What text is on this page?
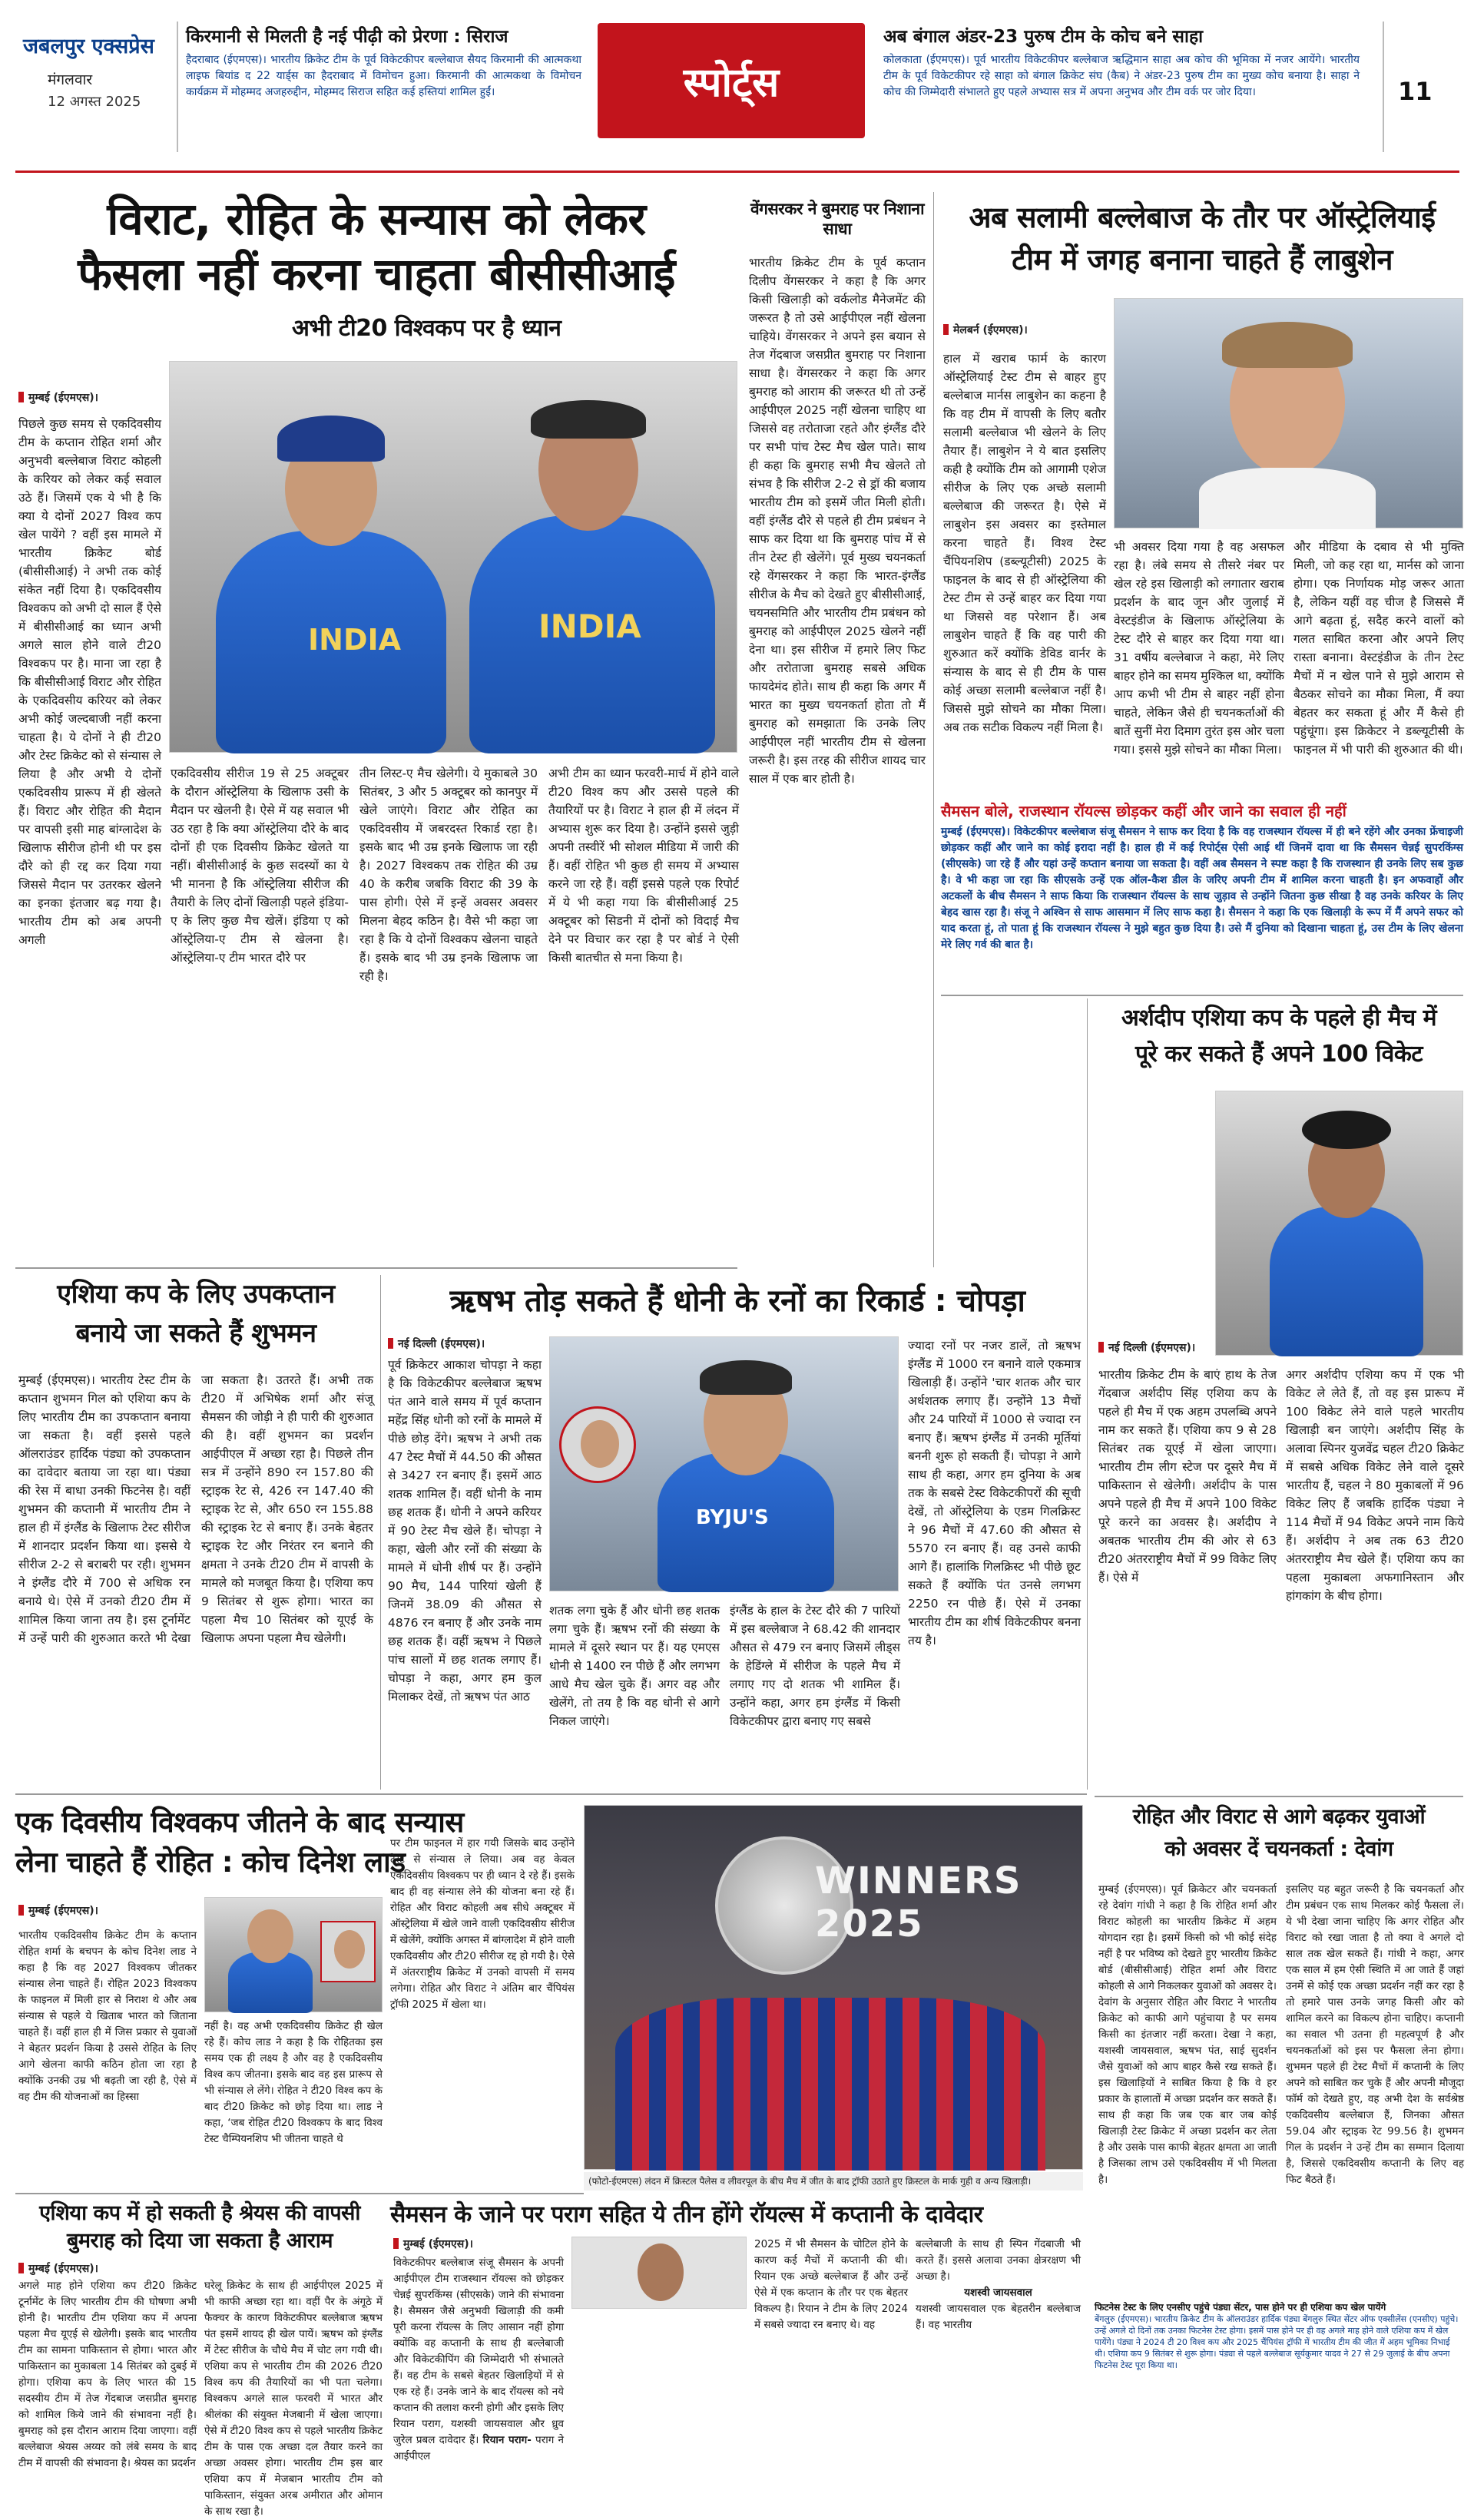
जबलपुर एक्सप्रेस
मंगलवार
12 अगस्त 2025
किरमानी से मिलती है नई पीढ़ी को प्रेरणा : सिराज
हैदराबाद (ईएमएस)। भारतीय क्रिकेट टीम के पूर्व विकेटकीपर बल्लेबाज सैयद किरमानी की आत्मकथा लाइफ बियांड द 22 यार्ड्स का हैदराबाद में विमोचन हुआ। किरमानी की आत्मकथा के विमोचन कार्यक्रम में मोहम्मद अजहरुद्दीन, मोहम्मद सिराज सहित कई हस्तियां शामिल हुईं।	स्पोर्ट्स
अब बंगाल अंडर-23 पुरुष टीम के कोच बने साहा
कोलकाता (ईएमएस)। पूर्व भारतीय विकेटकीपर बल्लेबाज ऋद्धिमान साहा अब कोच की भूमिका में नजर आयेंगे। भारतीय टीम के पूर्व विकेटकीपर रहे साहा को बंगाल क्रिकेट संघ (कैब) ने अंडर-23 पुरुष टीम का मुख्य कोच बनाया है। साहा ने कोच की जिम्मेदारी संभालते हुए पहले अभ्यास सत्र में अपना अनुभव और टीम वर्क पर जोर दिया।	11
विराट, रोहित के सन्यास को लेकर
फैसला नहीं करना चाहता बीसीसीआई
अभी टी20 विश्वकप पर है ध्यान
मुम्बई (ईएमएस)।
INDIA	INDIA
पिछले कुछ समय से एकदिवसीय टीम के कप्तान रोहित शर्मा और अनुभवी बल्लेबाज विराट कोहली के करियर को लेकर कई सवाल उठे हैं। जिसमें एक ये भी है कि क्या ये दोनों 2027 विश्व कप खेल पायेंगे ? वहीं इस मामले में भारतीय क्रिकेट बोर्ड (बीसीसीआई) ने अभी तक कोई संकेत नहीं दिया है। एकदिवसीय विश्वकप को अभी दो साल हैं ऐसे में बीसीसीआई का ध्यान अभी अगले साल होने वाले टी20 विश्वकप पर है। माना जा रहा है कि बीसीसीआई विराट और रोहित के एकदिवसीय करियर को लेकर अभी कोई जल्दबाजी नहीं करना चाहता है। ये दोनों ने ही टी20 और टेस्ट क्रिकेट को से संन्यास ले लिया है और अभी ये दोनों एकदिवसीय प्रारूप में ही खेलते हैं। विराट और रोहित की मैदान पर वापसी इसी माह बांग्लादेश के खिलाफ सीरीज होनी थी पर इस दौरे को ही रद्द कर दिया गया जिससे मैदान पर उतरकर खेलने का इनका इंतजार बढ़ गया है। भारतीय टीम को अब अपनी अगली
एकदिवसीय सीरीज 19 से 25 अक्टूबर के दौरान ऑस्ट्रेलिया के खिलाफ उसी के मैदान पर खेलनी है। ऐसे में यह सवाल भी उठ रहा है कि क्या ऑस्ट्रेलिया दौरे के बाद दोनों ही एक दिवसीय क्रिकेट खेलते या नहीं। बीसीसीआई के कुछ सदस्यों का ये भी मानना है कि ऑस्ट्रेलिया सीरीज की तैयारी के लिए दोनों खिलाड़ी पहले इंडिया-ए के लिए कुछ मैच खेलें। इंडिया ए को ऑस्ट्रेलिया-ए टीम से खेलना है। ऑस्ट्रेलिया-ए टीम भारत दौरे पर
तीन लिस्ट-ए मैच खेलेगी। ये मुकाबले 30 सितंबर, 3 और 5 अक्टूबर को कानपुर में खेले जाएंगे। विराट और रोहित का एकदिवसीय में जबरदस्त रिकार्ड रहा है। इसके बाद भी उम्र इनके खिलाफ जा रही है। 2027 विश्वकप तक रोहित की उम्र 40 के करीब जबकि विराट की 39 के पास होगी। ऐसे में इन्हें अवसर अवसर मिलना बेहद कठिन है। वैसे भी कहा जा रहा है कि ये दोनों विश्वकप खेलना चाहते हैं। इसके बाद भी उम्र इनके खिलाफ जा रही है।
अभी टीम का ध्यान फरवरी-मार्च में होने वाले टी20 विश्व कप और उससे पहले की तैयारियों पर है। विराट ने हाल ही में लंदन में अभ्यास शुरू कर दिया है। उन्होंने इससे जुड़ी अपनी तस्वीरें भी सोशल मीडिया में जारी की हैं। वहीं रोहित भी कुछ ही समय में अभ्यास करने जा रहे हैं। वहीं इससे पहले एक रिपोर्ट में ये भी कहा गया कि बीसीसीआई 25 अक्टूबर को सिडनी में दोनों को विदाई मैच देने पर विचार कर रहा है पर बोर्ड ने ऐसी किसी बातचीत से मना किया है।
वेंगसरकर ने बुमराह पर निशाना साधा
भारतीय क्रिकेट टीम के पूर्व कप्तान दिलीप वेंगसरकर ने कहा है कि अगर किसी खिलाड़ी को वर्कलोड मैनेजमेंट की जरूरत है तो उसे आईपीएल नहीं खेलना चाहिये। वेंगसरकर ने अपने इस बयान से तेज गेंदबाज जसप्रीत बुमराह पर निशाना साधा है। वेंगसरकर ने कहा कि अगर बुमराह को आराम की जरूरत थी तो उन्हें आईपीएल 2025 नहीं खेलना चाहिए था जिससे वह तरोताजा रहते और इंग्लैंड दौरे पर सभी पांच टेस्ट मैच खेल पाते। साथ ही कहा कि बुमराह सभी मैच खेलते तो संभव है कि सीरीज 2-2 से ड्रॉ की बजाय भारतीय टीम को इसमें जीत मिली होती। वहीं इंग्लैंड दौरे से पहले ही टीम प्रबंधन ने साफ कर दिया था कि बुमराह पांच में से तीन टेस्ट ही खेलेंगे। पूर्व मुख्य चयनकर्ता रहे वेंगसरकर ने कहा कि भारत-इंग्लैंड सीरीज के मैच को देखते हुए बीसीसीआई, चयनसमिति और भारतीय टीम प्रबंधन को बुमराह को आईपीएल 2025 खेलने नहीं देना था। इस सीरीज में हमारे लिए फिट और तरोताजा बुमराह सबसे अधिक फायदेमंद होते। साथ ही कहा कि अगर मैं भारत का मुख्य चयनकर्ता होता तो मैं बुमराह को समझाता कि उनके लिए आईपीएल नहीं भारतीय टीम से खेलना जरूरी है। इस तरह की सीरीज शायद चार साल में एक बार होती है।
अब सलामी बल्लेबाज के तौर पर ऑस्ट्रेलियाई
टीम में जगह बनाना चाहते हैं लाबुशेन
मेलबर्न (ईएमएस)।
हाल में खराब फार्म के कारण ऑस्ट्रेलियाई टेस्ट टीम से बाहर हुए बल्लेबाज मार्नस लाबुशेन का कहना है कि वह टीम में वापसी के लिए बतौर सलामी बल्लेबाज भी खेलने के लिए तैयार हैं। लाबुशेन ने ये बात इसलिए कही है क्योंकि टीम को आगामी एशेज सीरीज के लिए एक अच्छे सलामी बल्लेबाज की जरूरत है। ऐसे में लाबुशेन इस अवसर का इस्तेमाल करना चाहते हैं। विश्व टेस्ट चैंपियनशिप (डब्ल्यूटीसी) 2025 के फाइनल के बाद से ही ऑस्ट्रेलिया की टेस्ट टीम से उन्हें बाहर कर दिया गया था जिससे वह परेशान हैं। अब लाबुशेन चाहते हैं कि वह पारी की शुरुआत करें क्योंकि डेविड वार्नर के संन्यास के बाद से ही टीम के पास कोई अच्छा सलामी बल्लेबाज नहीं है। जिससे मुझे सोचने का मौका मिला। अब तक सटीक विकल्प नहीं मिला है।
भी अवसर दिया गया है वह असफल रहा है। लंबे समय से तीसरे नंबर पर खेल रहे इस खिलाड़ी को लगातार खराब प्रदर्शन के बाद जून और जुलाई में वेस्टइंडीज के खिलाफ ऑस्ट्रेलिया के टेस्ट दौरे से बाहर कर दिया गया था। 31 वर्षीय बल्लेबाज ने कहा, मेरे लिए बाहर होने का समय मुश्किल था, क्योंकि आप कभी भी टीम से बाहर नहीं होना चाहते, लेकिन जैसे ही चयनकर्ताओं की बातें सुनीं मेरा दिमाग तुरंत इस ओर चला गया। इससे मुझे सोचने का मौका मिला।
और मीडिया के दबाव से भी मुक्ति मिली, जो कह रहा था, मार्नस को जाना होगा। एक निर्णायक मोड़ जरूर आता है, लेकिन यहीं वह चीज है जिससे मैं आगे बढ़ता हूं, सदैह करने वालों को गलत साबित करना और अपने लिए रास्ता बनाना। वेस्टइंडीज के तीन टेस्ट मैचों में न खेल पाने से मुझे आराम से बैठकर सोचने का मौका मिला, मैं क्या बेहतर कर सकता हूं और मैं कैसे ही पहुंचूंगा। इस क्रिकेटर ने डब्ल्यूटीसी के फाइनल में भी पारी की शुरुआत की थी।
सैमसन बोले, राजस्थान रॉयल्स छोड़कर कहीं और जाने का सवाल ही नहीं
मुम्बई (ईएमएस)। विकेटकीपर बल्लेबाज संजू सैमसन ने साफ कर दिया है कि वह राजस्थान रॉयल्स में ही बने रहेंगे और उनका फ्रेंचाइजी छोड़कर कहीं और जाने का कोई इरादा नहीं है। हाल ही में कई रिपोर्ट्स ऐसी आई थीं जिनमें दावा था कि सैमसन चेन्नई सुपरकिंग्स (सीएसके) जा रहे हैं और यहां उन्हें कप्तान बनाया जा सकता है। वहीं अब सैमसन ने स्पष्ट कहा है कि राजस्थान ही उनके लिए सब कुछ है। वे भी कहा जा रहा कि सीएसके उन्हें एक ऑल-कैश डील के जरिए अपनी टीम में शामिल करना चाहती है। इन अफवाहों और अटकलों के बीच सैमसन ने साफ किया कि राजस्थान रॉयल्स के साथ जुड़ाव से उन्होंने जितना कुछ सीखा है वह उनके करियर के लिए बेहद खास रहा है। संजू ने अश्विन से साफ आसमान में लिए साफ कहा है। सैमसन ने कहा कि एक खिलाड़ी के रूप में मैं अपने सफर को याद करता हूं, तो पाता हूं कि राजस्थान रॉयल्स ने मुझे बहुत कुछ दिया है। उसे मैं दुनिया को दिखाना चाहता हूं, उस टीम के लिए खेलना मेरे लिए गर्व की बात है।
एशिया कप के लिए उपकप्तान
बनाये जा सकते हैं शुभमन
मुम्बई (ईएमएस)। भारतीय टेस्ट टीम के कप्तान शुभमन गिल को एशिया कप के लिए भारतीय टीम का उपकप्तान बनाया जा सकता है। वहीं इससे पहले ऑलराउंडर हार्दिक पंड्या को उपकप्तान का दावेदार बताया जा रहा था। पंड्या की रेस में बाधा उनकी फिटनेस है। वहीं शुभमन की कप्तानी में भारतीय टीम ने हाल ही में इंग्लैंड के खिलाफ टेस्ट सीरीज में शानदार प्रदर्शन किया था। इससे ये सीरीज 2-2 से बराबरी पर रही। शुभमन ने इंग्लैंड दौरे में 700 से अधिक रन बनाये थे। ऐसे में उनको टी20 टीम में शामिल किया जाना तय है। इस टूर्नामेंट में उन्हें पारी की शुरुआत करते भी देखा जा सकता है। उतरते हैं। अभी तक टी20 में अभिषेक शर्मा और संजू सैमसन की जोड़ी ने ही पारी की शुरुआत की है। वहीं शुभमन का प्रदर्शन आईपीएल में अच्छा रहा है। पिछले तीन सत्र में उन्होंने 890 रन 157.80 की स्ट्राइक रेट से, 426 रन 147.40 की स्ट्राइक रेट से, और 650 रन 155.88 की स्ट्राइक रेट से बनाए हैं। उनके बेहतर स्ट्राइक रेट और निरंतर रन बनाने की क्षमता ने उनके टी20 टीम में वापसी के मामले को मजबूत किया है। एशिया कप 9 सितंबर से शुरू होगा। भारत का पहला मैच 10 सितंबर को यूएई के खिलाफ अपना पहला मैच खेलेगी।
ऋषभ तोड़ सकते हैं धोनी के रनों का रिकार्ड : चोपड़ा
नई दिल्ली (ईएमएस)।
पूर्व क्रिकेटर आकाश चोपड़ा ने कहा है कि विकेटकीपर बल्लेबाज ऋषभ पंत आने वाले समय में पूर्व कप्तान महेंद्र सिंह धोनी को रनों के मामले में पीछे छोड़ देंगे। ऋषभ ने अभी तक 47 टेस्ट मैचों में 44.50 की औसत से 3427 रन बनाए हैं। इसमें आठ शतक शामिल हैं। वहीं धोनी के नाम छह शतक हैं। धोनी ने अपने करियर में 90 टेस्ट मैच खेले हैं। चोपड़ा ने कहा, खेली और रनों की संख्या के मामले में धोनी शीर्ष पर हैं। उन्होंने 90 मैच, 144 पारियां खेली हैं जिनमें 38.09 की औसत से 4876 रन बनाए हैं और उनके नाम छह शतक हैं। वहीं ऋषभ ने पिछले पांच सालों में छह शतक लगाए हैं। चोपड़ा ने कहा, अगर हम कुल मिलाकर देखें, तो ऋषभ पंत आठ
BYJU'S
शतक लगा चुके हैं और धोनी छह शतक लगा चुके हैं। ऋषभ रनों की संख्या के मामले में दूसरे स्थान पर हैं। यह एमएस धोनी से 1400 रन पीछे हैं और लगभग आधे मैच खेल चुके हैं। अगर वह और खेलेंगे, तो तय है कि वह धोनी से आगे निकल जाएंगे।
इंग्लैंड के हाल के टेस्ट दौरे की 7 पारियों में इस बल्लेबाज ने 68.42 की शानदार औसत से 479 रन बनाए जिसमें लीड्स के हेडिंग्ले में सीरीज के पहले मैच में लगाए गए दो शतक भी शामिल हैं। उन्होंने कहा, अगर हम इंग्लैंड में किसी विकेटकीपर द्वारा बनाए गए सबसे
ज्यादा रनों पर नजर डालें, तो ऋषभ इंग्लैंड में 1000 रन बनाने वाले एकमात्र खिलाड़ी हैं। उन्होंने 'चार शतक और चार अर्धशतक लगाए हैं। उन्होंने 13 मैचों और 24 पारियों में 1000 से ज्यादा रन बनाए हैं। ऋषभ इंग्लैंड में उनकी मूर्तियां बननी शुरू हो सकती हैं। चोपड़ा ने आगे साथ ही कहा, अगर हम दुनिया के अब तक के सबसे टेस्ट विकेटकीपरों की सूची देखें, तो ऑस्ट्रेलिया के एडम गिलक्रिस्ट ने 96 मैचों में 47.60 की औसत से 5570 रन बनाए हैं। वह उनसे काफी आगे हैं। हालांकि गिलक्रिस्ट भी पीछे छूट सकते हैं क्योंकि पंत उनसे लगभग 2250 रन पीछे हैं। ऐसे में उनका भारतीय टीम का शीर्ष विकेटकीपर बनना तय है।
अर्शदीप एशिया कप के पहले ही मैच में
पूरे कर सकते हैं अपने 100 विकेट
नई दिल्ली (ईएमएस)।
भारतीय क्रिकेट टीम के बाएं हाथ के तेज गेंदबाज अर्शदीप सिंह एशिया कप के पहले ही मैच में एक अहम उपलब्धि अपने नाम कर सकते हैं। एशिया कप 9 से 28 सितंबर तक यूएई में खेला जाएगा। भारतीय टीम लीग स्टेज पर दूसरे मैच में पाकिस्तान से खेलेगी। अर्शदीप के पास अपने पहले ही मैच में अपने 100 विकेट पूरे करने का अवसर है। अर्शदीप ने अबतक भारतीय टीम की ओर से 63 टी20 अंतरराष्ट्रीय मैचों में 99 विकेट लिए हैं। ऐसे में
अगर अर्शदीप एशिया कप में एक भी विकेट ले लेते हैं, तो वह इस प्रारूप में 100 विकेट लेने वाले पहले भारतीय खिलाड़ी बन जाएंगे। अर्शदीप सिंह के अलावा स्पिनर युजवेंद्र चहल टी20 क्रिकेट में सबसे अधिक विकेट लेने वाले दूसरे भारतीय हैं, चहल ने 80 मुकाबलों में 96 विकेट लिए हैं जबकि हार्दिक पंड्या ने 114 मैचों में 94 विकेट अपने नाम किये हैं। अर्शदीप ने अब तक 63 टी20 अंतरराष्ट्रीय मैच खेले हैं। एशिया कप का पहला मुकाबला अफगानिस्तान और हांगकांग के बीच होगा।
एक दिवसीय विश्वकप जीतने के बाद सन्यास
लेना चाहते हैं रोहित : कोच दिनेश लाड
मुम्बई (ईएमएस)।
भारतीय एकदिवसीय क्रिकेट टीम के कप्तान रोहित शर्मा के बचपन के कोच दिनेश लाड ने कहा है कि वह 2027 विश्वकप जीतकर संन्यास लेना चाहते हैं। रोहित 2023 विश्वकप के फाइनल में मिली हार से निराश थे और अब संन्यास से पहले ये खिताब भारत को जिताना चाहते हैं। वहीं हाल ही में जिस प्रकार से युवाओं ने बेहतर प्रदर्शन किया है उससे रोहित के लिए आगे खेलना काफी कठिन होता जा रहा है क्योंकि उनकी उम्र भी बढ़ती जा रही है, ऐसे में वह टीम की योजनाओं का हिस्सा
नहीं है। वह अभी एकदिवसीय क्रिकेट ही खेल रहे हैं। कोच लाड ने कहा है कि रोहितका इस समय एक ही लक्ष्य है और वह है एकदिवसीय विश्व कप जीतना। इसके बाद वह इस प्रारूप से भी संन्यास ले लेंगे। रोहित ने टी20 विश्व कप के बाद टी20 क्रिकेट को छोड़ दिया था। लाड ने कहा, ‘जब रोहित टी20 विश्वकप के बाद विश्व टेस्ट चैम्पियनशिप भी जीतना चाहते थे
पर टीम फाइनल में हार गयी जिसके बाद उन्होंने टेस्ट से संन्यास ले लिया। अब वह केवल एकदिवसीय विश्वकप पर ही ध्यान दे रहे हैं। इसके बाद ही वह संन्यास लेने की योजना बना रहे हैं। रोहित और विराट कोहली अब सीधे अक्टूबर में ऑस्ट्रेलिया में खेले जाने वाली एकदिवसीय सीरीज में खेलेंगे, क्योंकि अगस्त में बांग्लादेश में होने वाली एकदिवसीय और टी20 सीरीज रद्द हो गयी है। ऐसे में अंतरराष्ट्रीय क्रिकेट में उनको वापसी में समय लगेगा। रोहित और विराट ने अंतिम बार चैंपियंस ट्रॉफी 2025 में खेला था।
WINNERS 2025
(फोटो-ईएमएस) लंदन में क्रिस्टल पैलेस व लीवरपूल के बीच मैच में जीत के बाद ट्रॉफी उठाते हुए क्रिस्टल के मार्क गुही व अन्य खिलाड़ी।
रोहित और विराट से आगे बढ़कर युवाओं
को अवसर दें चयनकर्ता : देवांग
मुम्बई (ईएमएस)। पूर्व क्रिकेटर और चयनकर्ता रहे देवांग गांधी ने कहा है कि रोहित शर्मा और विराट कोहली का भारतीय क्रिकेट में अहम योगदान रहा है। इसमें किसी को भी कोई संदेह नहीं है पर भविष्य को देखते हुए भारतीय क्रिकेट बोर्ड (बीसीसीआई) रोहित शर्मा और विराट कोहली से आगे निकलकर युवाओं को अवसर दे। देवांग के अनुसार रोहित और विराट ने भारतीय क्रिकेट को काफी आगे पहुंचाया है पर समय किसी का इंतजार नहीं करता। देखा ने कहा, यशस्वी जायसवाल, ऋषभ पंत, साई सुदर्शन जैसे युवाओं को आप बाहर कैसे रख सकते हैं। इस खिलाड़ियों ने साबित किया है कि वे हर प्रकार के हालातों में अच्छा प्रदर्शन कर सकते हैं। साथ ही कहा कि जब एक बार जब कोई खिलाड़ी टेस्ट क्रिकेट में अच्छा प्रदर्शन कर लेता है और उसके पास काफी बेहतर क्षमता आ जाती है जिसका लाभ उसे एकदिवसीय में भी मिलता है।
इसलिए यह बहुत जरूरी है कि चयनकर्ता और टीम प्रबंधन एक साथ मिलकर कोई फैसला लें। ये भी देखा जाना चाहिए कि अगर रोहित और विराट को रखा जाता है तो क्या वे अगले दो साल तक खेल सकते हैं। गांधी ने कहा, अगर एक साल में हम ऐसी स्थिति में आ जाते हैं जहां उनमें से कोई एक अच्छा प्रदर्शन नहीं कर रहा है तो हमारे पास उनके जगह किसी और को शामिल करने का विकल्प होना चाहिए। कप्तानी का सवाल भी उतना ही महत्वपूर्ण है और चयनकर्ताओं को इस पर फैसला लेना होगा। शुभमन पहले ही टेस्ट मैचों में कप्तानी के लिए अपने को साबित कर चुके हैं और अपनी मौजूदा फॉर्म को देखते हुए, वह अभी देश के सर्वश्रेष्ठ एकदिवसीय बल्लेबाज हैं, जिनका औसत 59.04 और स्ट्राइक रेट 99.56 है। शुभमन गिल के प्रदर्शन ने उन्हें टीम का सम्मान दिलाया है, जिससे एकदिवसीय कप्तानी के लिए वह फिट बैठते हैं।
एशिया कप में हो सकती है श्रेयस की वापसी
बुमराह को दिया जा सकता है आराम
मुम्बई (ईएमएस)।
अगले माह होने एशिया कप टी20 क्रिकेट टूर्नामेंट के लिए भारतीय टीम की घोषणा अभी होनी है। भारतीय टीम एशिया कप में अपना पहला मैच यूएई से खेलेगी। इसके बाद भारतीय टीम का सामना पाकिस्तान से होगा। भारत और पाकिस्तान का मुकाबला 14 सितंबर को दुबई में होगा। एशिया कप के लिए भारत की 15 सदस्यीय टीम में तेज गेंदबाज जसप्रीत बुमराह को शामिल किये जाने की संभावना नहीं है। बुमराह को इस दौरान आराम दिया जाएगा। वहीं बल्लेबाज श्रेयस अय्यर को लंबे समय के बाद टीम में वापसी की संभावना है। श्रेयस का प्रदर्शन
घरेलू क्रिकेट के साथ ही आईपीएल 2025 में भी काफी अच्छा रहा था। वहीं पैर के अंगूठे में फैक्चर के कारण विकेटकीपर बल्लेबाज ऋषभ पंत इसमें शायद ही खेल पायें। ऋषभ को इंग्लैंड में टेस्ट सीरीज के चौथे मैच में चोट लग गयी थी। एशिया कप से भारतीय टीम की 2026 टी20 विश्व कप की तैयारियों का भी पता चलेगा। विश्वकप अगले साल फरवरी में भारत और श्रीलंका की संयुक्त मेजबानी में खेला जाएगा। ऐसे में टी20 विश्व कप से पहले भारतीय क्रिकेट टीम के पास एक अच्छा दल तैयार करने का अच्छा अवसर होगा। भारतीय टीम इस बार एशिया कप में मेजबान भारतीय टीम को पाकिस्तान, संयुक्त अरब अमीरात और ओमान के साथ रखा है।
सैमसन के जाने पर पराग सहित ये तीन होंगे रॉयल्स में कप्तानी के दावेदार
मुम्बई (ईएमएस)।
विकेटकीपर बल्लेबाज संजू सैमसन के अपनी आईपीएल टीम राजस्थान रॉयल्स को छोड़कर चेन्नई सुपरकिंग्स (सीएसके) जाने की संभावना है। सैमसन जैसे अनुभवी खिलाड़ी की कमी पूरी करना रॉयल्स के लिए आसान नहीं होगा क्योंकि वह कप्तानी के साथ ही बल्लेबाजी और विकेटकीपिंग की जिम्मेदारी भी संभालते हैं। वह टीम के सबसे बेहतर खिलाड़ियों में से एक रहे हैं। उनके जाने के बाद रॉयल्स को नये कप्तान की तलाश करनी होगी और इसके लिए रियान पराग, यशस्वी जायसवाल और ध्रुव जुरेल प्रबल दावेदार हैं। रियान पराग- पराग ने आईपीएल
2025 में भी सैमसन के चोटिल होने के कारण कई मैचों में कप्तानी की थी। रियान एक अच्छे बल्लेबाज हैं और उन्हें ऐसे में एक कप्तान के तौर पर एक बेहतर विकल्प है। रियान ने टीम के लिए 2024 में सबसे ज्यादा रन बनाए थे। वह
बल्लेबाजी के साथ ही स्पिन गेंदबाजी भी करते हैं। इससे अलावा उनका क्षेत्ररक्षण भी अच्छा है।
यशस्वी जायसवाल
यशस्वी जायसवाल एक बेहतरीन बल्लेबाज हैं। वह भारतीय
फिटनेस टेस्ट के लिए एनसीए पहुंचे पंड्या सेंटर, पास होने पर ही एशिया कप खेल पायेंगे
बेंगलुरु (ईएमएस)। भारतीय क्रिकेट टीम के ऑलराउंडर हार्दिक पंड्या बेंगलुरु स्थित सेंटर ऑफ एक्सीलेंस (एनसीए) पहुंचे। उन्हें अगले दो दिनों तक उनका फिटनेस टेस्ट होगा। इसमें पास होने पर ही वह अगले माह होने वाले एशिया कप में खेल पायेंगे। पंड्या ने 2024 टी 20 विश्व कप और 2025 चैंपियंस ट्रॉफी में भारतीय टीम की जीत में अहम भूमिका निभाई थी। एशिया कप 9 सितंबर से शुरू होगा। पंड्या से पहले बल्लेबाज सूर्यकुमार यादव ने 27 से 29 जुलाई के बीच अपना फिटनेस टेस्ट पूरा किया था।
